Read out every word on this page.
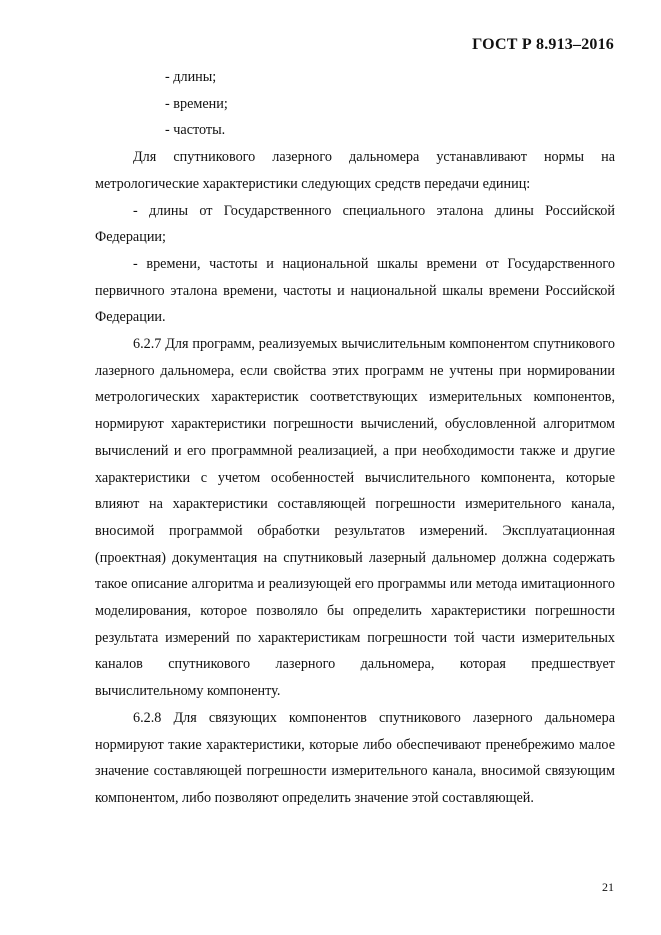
ГОСТ Р 8.913–2016
- длины;
- времени;
- частоты.

Для спутникового лазерного дальномера устанавливают нормы на метрологические характеристики следующих средств передачи единиц:

- длины от Государственного специального эталона длины Российской Федерации;

- времени, частоты и национальной шкалы времени от Государственного первичного эталона времени, частоты и национальной шкалы времени Российской Федерации.

6.2.7 Для программ, реализуемых вычислительным компонентом спутникового лазерного дальномера, если свойства этих программ не учтены при нормировании метрологических характеристик соответствующих измерительных компонентов, нормируют характеристики погрешности вычислений, обусловленной алгоритмом вычислений и его программной реализацией, а при необходимости также и другие характеристики с учетом особенностей вычислительного компонента, которые влияют на характеристики составляющей погрешности измерительного канала, вносимой программой обработки результатов измерений. Эксплуатационная (проектная) документация на спутниковый лазерный дальномер должна содержать такое описание алгоритма и реализующей его программы или метода имитационного моделирования, которое позволяло бы определить характеристики погрешности результата измерений по характеристикам погрешности той части измерительных каналов спутникового лазерного дальномера, которая предшествует вычислительному компоненту.

6.2.8 Для связующих компонентов спутникового лазерного дальномера нормируют такие характеристики, которые либо обеспечивают пренебрежимо малое значение составляющей погрешности измерительного канала, вносимой связующим компонентом, либо позволяют определить значение этой составляющей.

21
